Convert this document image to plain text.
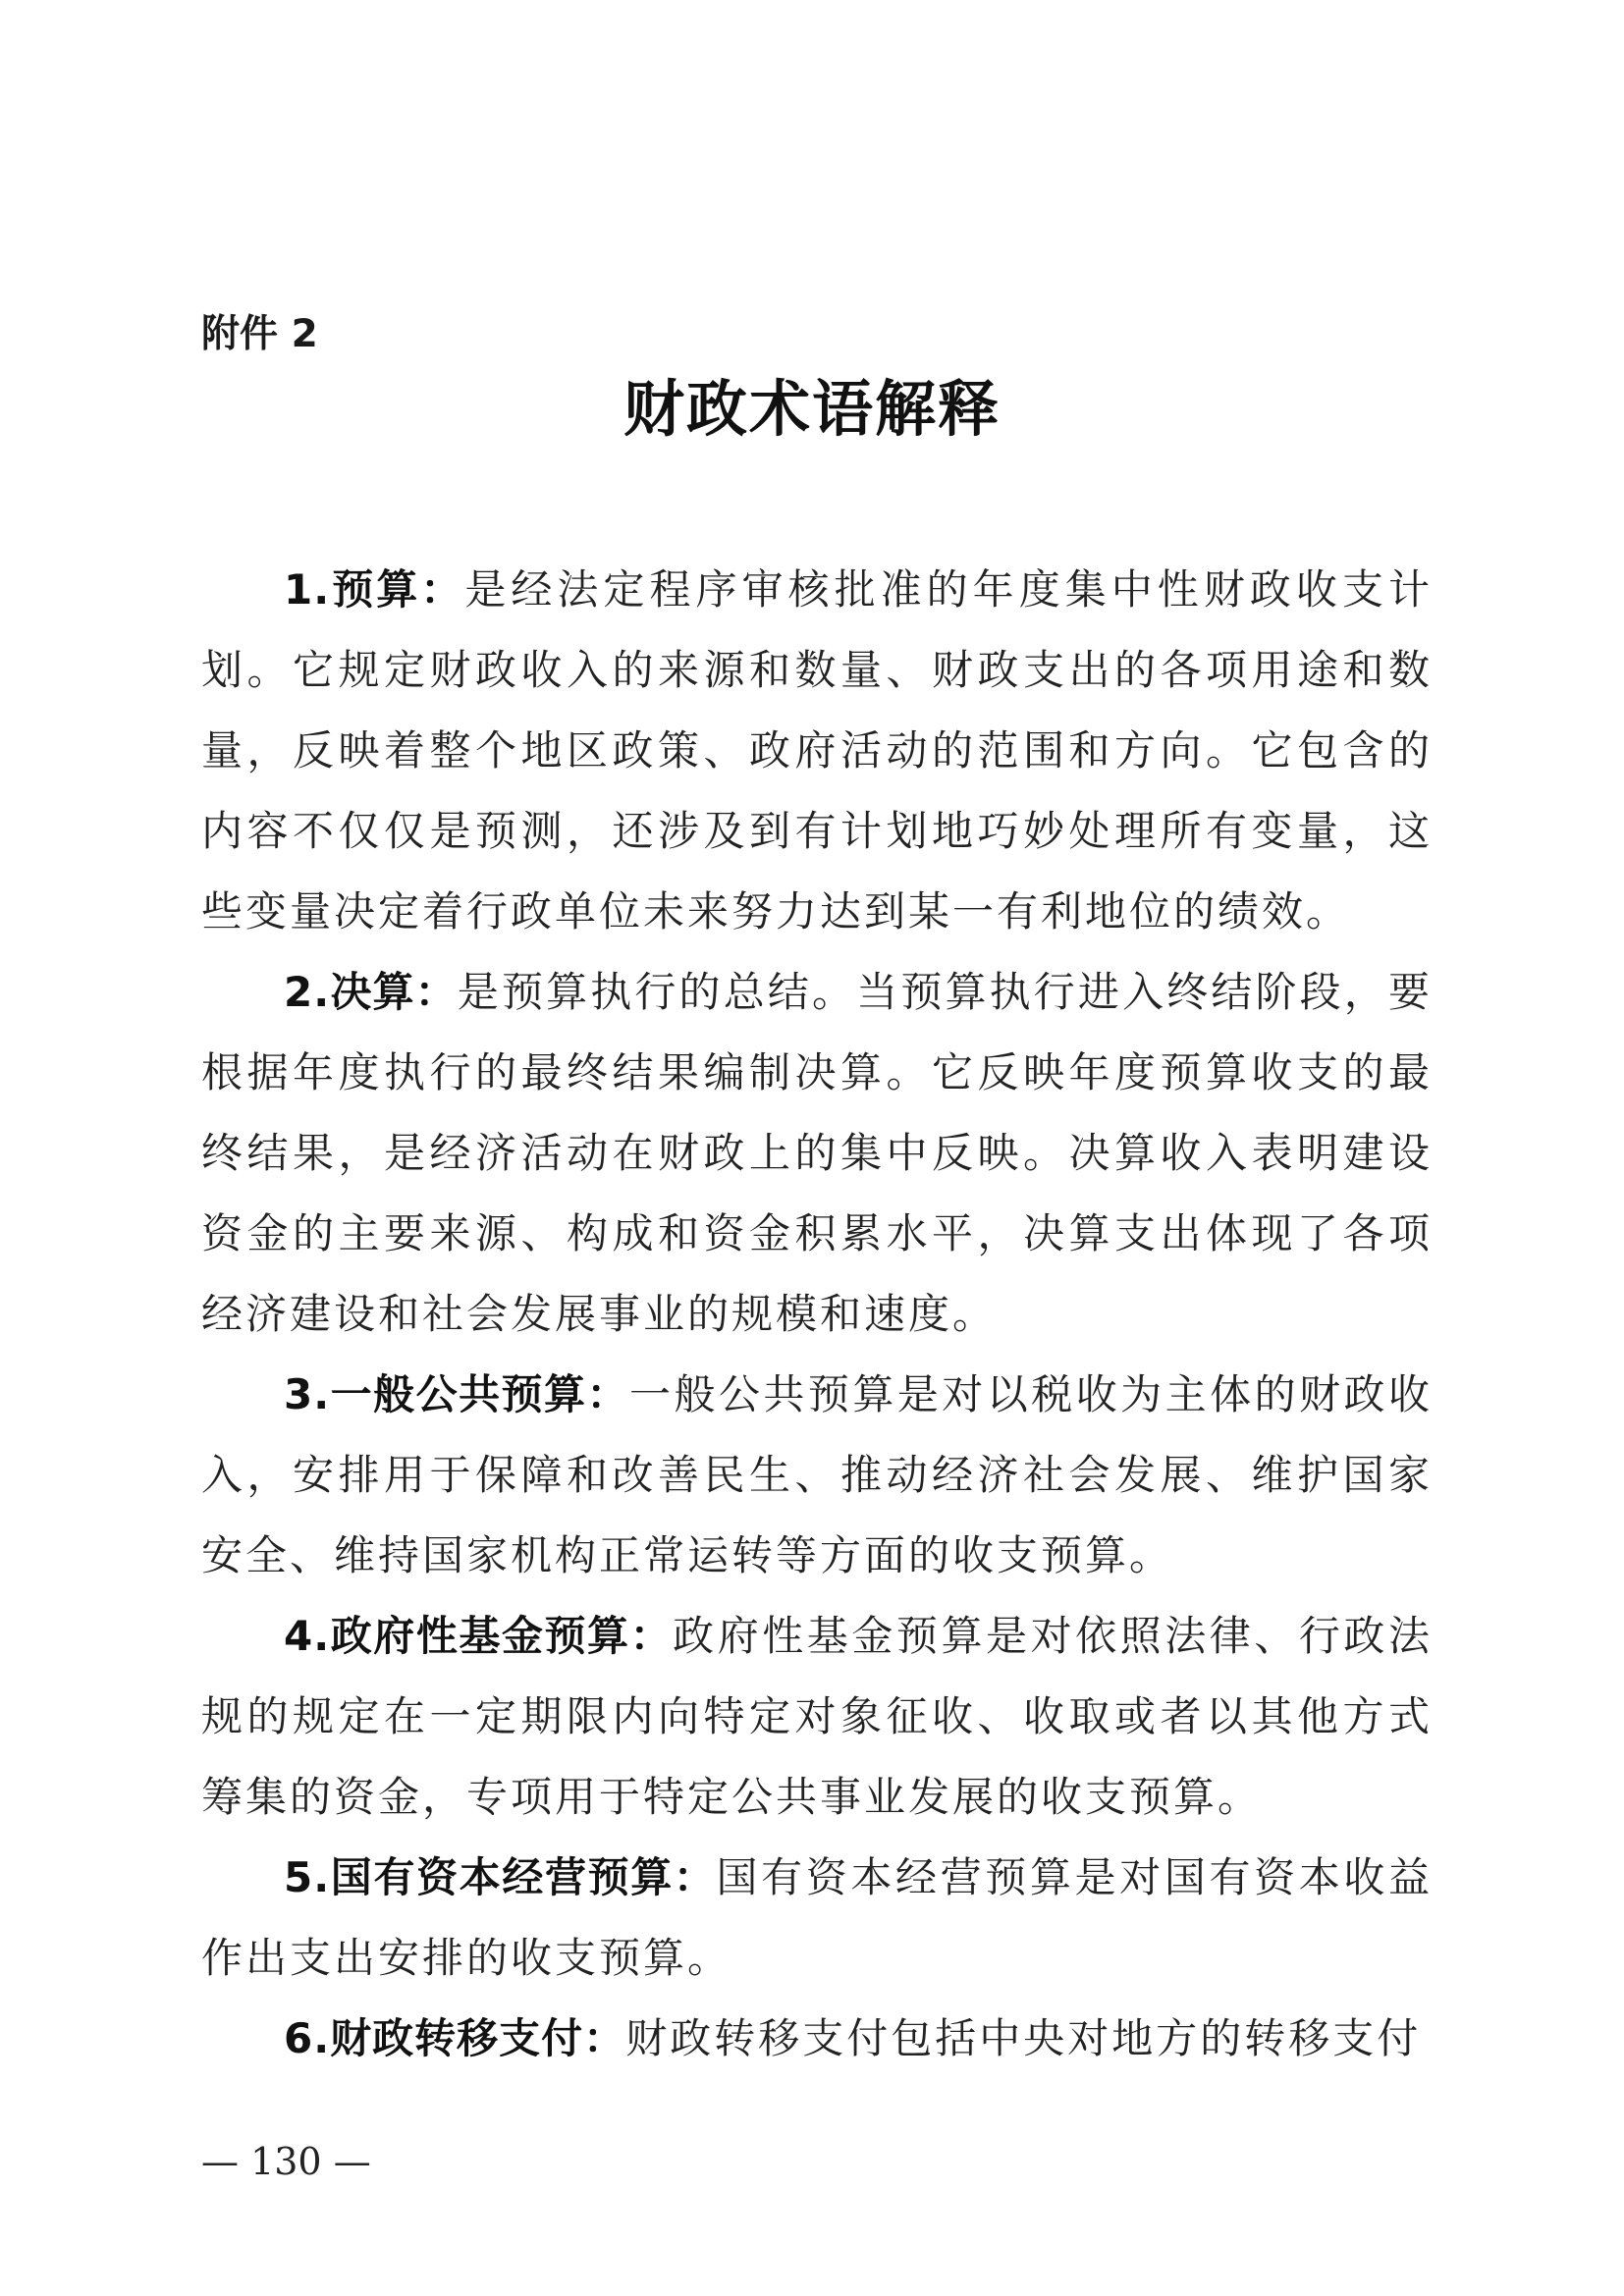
附件 2
财政术语解释

1.预算：是经法定程序审核批准的年度集中性财政收支计划。它规定财政收入的来源和数量、财政支出的各项用途和数量，反映着整个地区政策、政府活动的范围和方向。它包含的内容不仅仅是预测，还涉及到有计划地巧妙处理所有变量，这些变量决定着行政单位未来努力达到某一有利地位的绩效。

2.决算：是预算执行的总结。当预算执行进入终结阶段，要根据年度执行的最终结果编制决算。它反映年度预算收支的最终结果，是经济活动在财政上的集中反映。决算收入表明建设资金的主要来源、构成和资金积累水平，决算支出体现了各项经济建设和社会发展事业的规模和速度。

3.一般公共预算：一般公共预算是对以税收为主体的财政收入，安排用于保障和改善民生、推动经济社会发展、维护国家安全、维持国家机构正常运转等方面的收支预算。

4.政府性基金预算：政府性基金预算是对依照法律、行政法规的规定在一定期限内向特定对象征收、收取或者以其他方式筹集的资金，专项用于特定公共事业发展的收支预算。

5.国有资本经营预算：国有资本经营预算是对国有资本收益作出支出安排的收支预算。

6.财政转移支付：财政转移支付包括中央对地方的转移支付

— 130 —
